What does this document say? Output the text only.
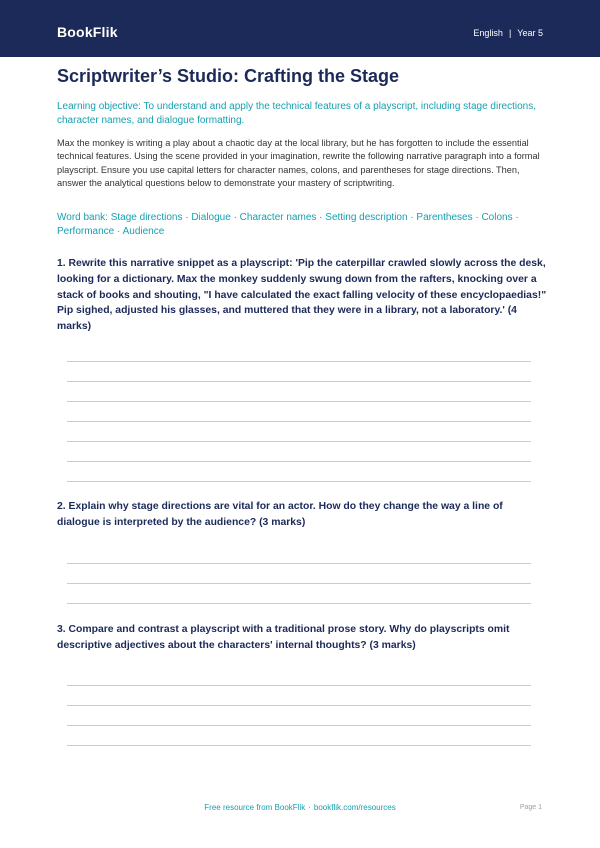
BookFlik	English | Year 5
Scriptwriter’s Studio: Crafting the Stage
Learning objective: To understand and apply the technical features of a playscript, including stage directions, character names, and dialogue formatting.
Max the monkey is writing a play about a chaotic day at the local library, but he has forgotten to include the essential technical features. Using the scene provided in your imagination, rewrite the following narrative paragraph into a formal playscript. Ensure you use capital letters for character names, colons, and parentheses for stage directions. Then, answer the analytical questions below to demonstrate your mastery of scriptwriting.
Word bank: Stage directions · Dialogue · Character names · Setting description · Parentheses · Colons · Performance · Audience
1. Rewrite this narrative snippet as a playscript: 'Pip the caterpillar crawled slowly across the desk, looking for a dictionary. Max the monkey suddenly swung down from the rafters, knocking over a stack of books and shouting, "I have calculated the exact falling velocity of these encyclopaedias!" Pip sighed, adjusted his glasses, and muttered that they were in a library, not a laboratory.' (4 marks)
2. Explain why stage directions are vital for an actor. How do they change the way a line of dialogue is interpreted by the audience? (3 marks)
3. Compare and contrast a playscript with a traditional prose story. Why do playscripts omit descriptive adjectives about the characters' internal thoughts? (3 marks)
Free resource from BookFlik · bookflik.com/resources	Page 1
